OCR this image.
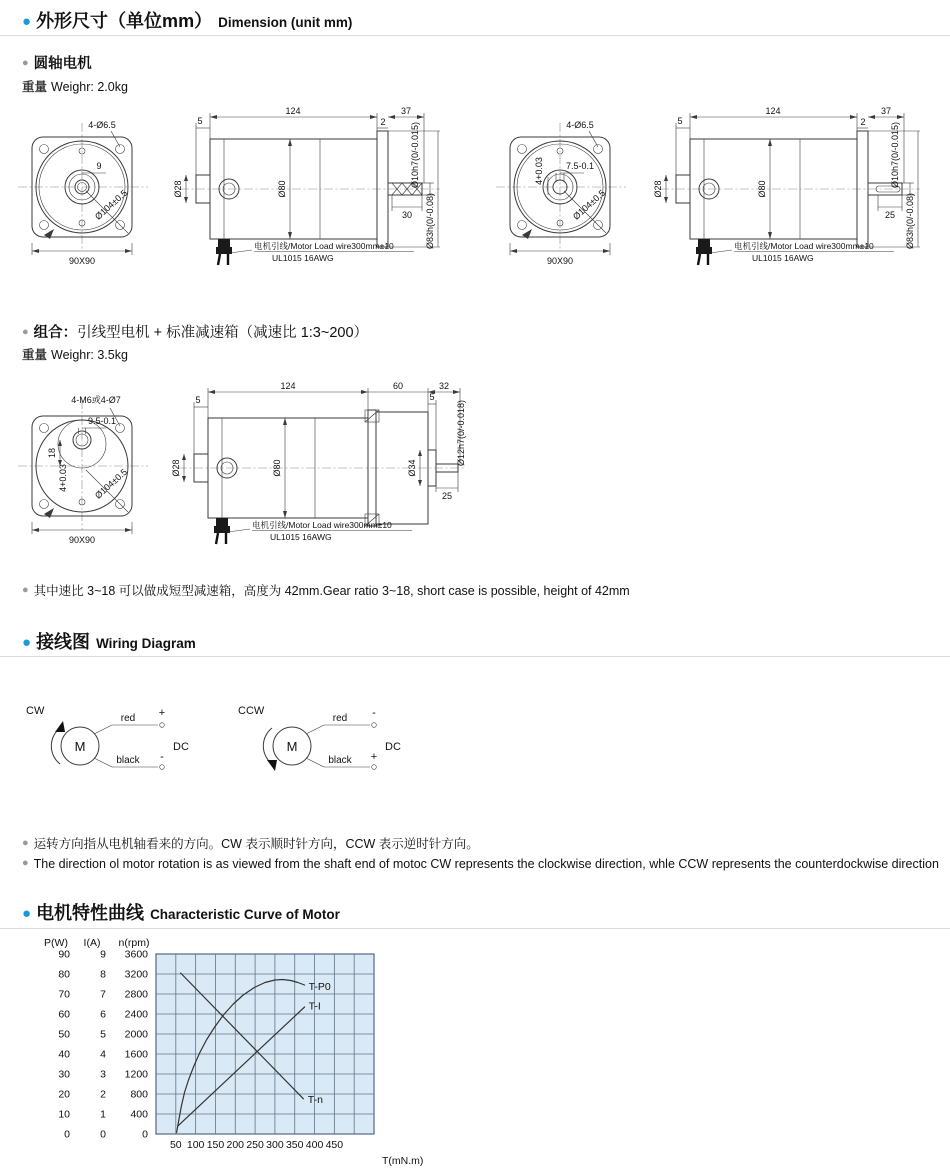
● 外形尺寸（单位mm） Dimension (unit mm)
● 圆轴电机
重量 Weighr: 2.0kg
9
4-Ø6.5
Ø104±0.5
90X90
124	37
5	2
Ø28	Ø80
30
Ø10h7(0/-0.015)
Ø83h(0/-0.08)
电机引线/Motor Load wire300mm±10
UL1015 16AWG
7.5-0.1
4+0.03
4-Ø6.5
Ø104±0.5
90X90
124	37
5	2
Ø28	Ø80
25
Ø10h7(0/-0.015)
Ø83h(0/-0.08)
电机引线/Motor Load wire300mm±10
UL1015 16AWG
● 组合：引线型电机 + 标准减速箱（减速比 1:3~200）
重量 Weighr: 3.5kg
9.5-0.1
18
4+0.03
4-M6或4-Ø7
Ø104±0.5
90X90
124	60	32
5
5
Ø28	Ø80	Ø34
25
Ø12h7(0/-0.018)
电机引线/Motor Load wire300mm±10
UL1015 16AWG
● 其中速比 3~18 可以做成短型减速箱，高度为 42mm.Gear ratio 3~18, short case is possible, height of 42mm
● 接线图 Wiring Diagram
CW
M
red +
black -
DC
CCW
M
red -
black +
DC
● 运转方向指从电机轴看来的方向。CW 表示顺时针方向，CCW 表示逆时针方向。
● The direction ol motor rotation is as viewed from the shaft end of motoc CW represents the clockwise direction, whle CCW represents the counterdockwise direction
● 电机特性曲线 Characteristic Curve of Motor
P(W)
90
80
70
60
50
40
30
20
10
0
I(A)
9
8
7
6
5
4
3
2
1
0
n(rpm)
3600
3200
2800
2400
2000
1600
1200
800
400
0
50 100 150 200 250 300 350 400 450
T(mN.m)
T-P0
T-I
T-n
